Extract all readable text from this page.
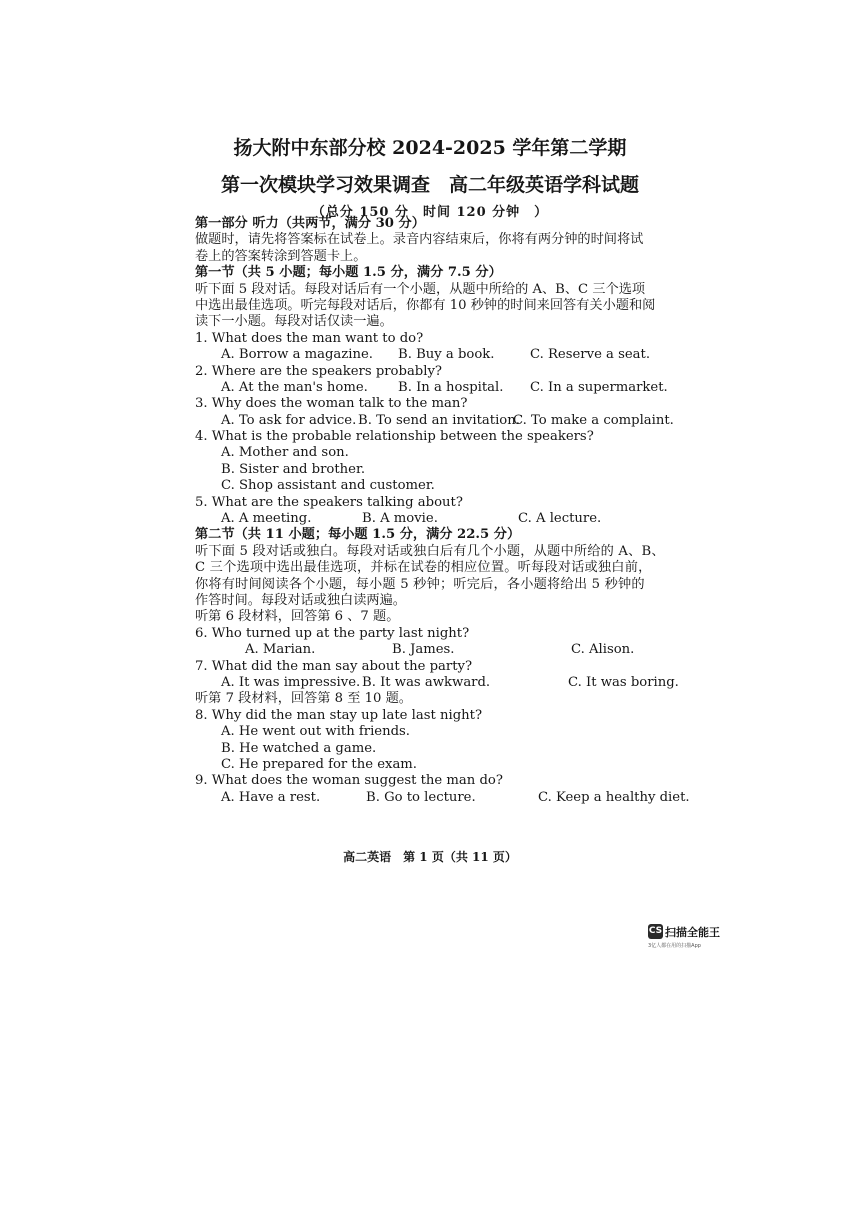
扬大附中东部分校 2024-2025 学年第二学期
第一次模块学习效果调查　高二年级英语学科试题
（总分 150 分　时间 120 分钟　）
第一部分 听力（共两节，满分 30 分）
做题时，请先将答案标在试卷上。录音内容结束后，你将有两分钟的时间将试
卷上的答案转涂到答题卡上。
第一节（共 5 小题；每小题 1.5 分，满分 7.5 分）
听下面 5 段对话。每段对话后有一个小题，从题中所给的 A、B、C 三个选项
中选出最佳选项。听完每段对话后，你都有 10 秒钟的时间来回答有关小题和阅
读下一小题。每段对话仅读一遍。
1. What does the man want to do?
A. Borrow a magazine. B. Buy a book.	C. Reserve a seat.
2. Where are the speakers probably?
A. At the man's home. B. In a hospital. C. In a supermarket.
3. Why does the woman talk to the man?
A. To ask for advice. B. To send an invitation.
C. To make a complaint.
4. What is the probable relationship between the speakers?
A. Mother and son.
B. Sister and brother.
C. Shop assistant and customer.
5. What are the speakers talking about?
A. A meeting.	B. A movie.	C. A lecture.
第二节（共 11 小题；每小题 1.5 分，满分 22.5 分）
听下面 5 段对话或独白。每段对话或独白后有几个小题，从题中所给的 A、B、
C 三个选项中选出最佳选项，并标在试卷的相应位置。听每段对话或独白前，
你将有时间阅读各个小题，每小题 5 秒钟；听完后，各小题将给出 5 秒钟的
作答时间。每段对话或独白读两遍。
听第 6 段材料，回答第 6 、7 题。
6. Who turned up at the party last night?
A. Marian.	B. James.	C. Alison.
7. What did the man say about the party?
A. It was impressive. B. It was awkward.	C. It was boring.
听第 7 段材料，回答第 8 至 10 题。
8. Why did the man stay up late last night?
A. He went out with friends.
B. He watched a game.
C. He prepared for the exam.
9. What does the woman suggest the man do?
A. Have a rest.	B. Go to lecture.	C. Keep a healthy diet.
高二英语　第 1 页（共 11 页）
CS 扫描全能王
3亿人都在用的扫描App
